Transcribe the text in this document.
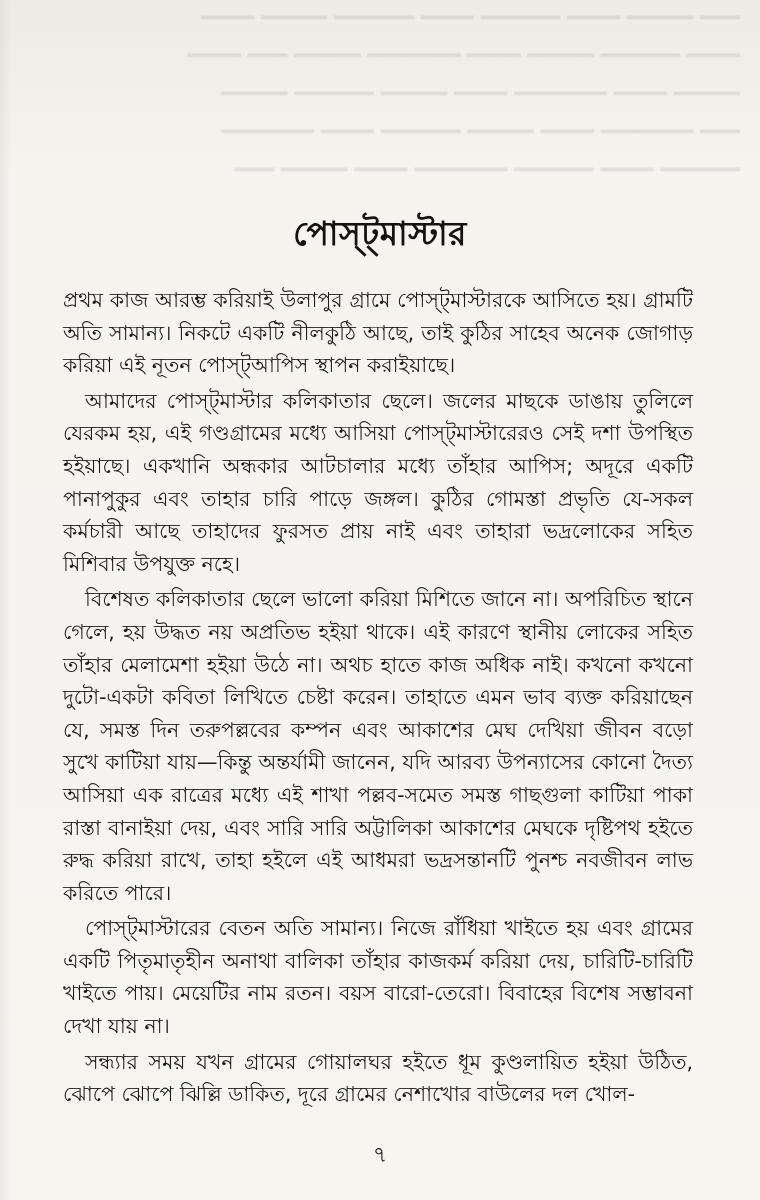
━━━ ━━━━━ ━━━━ ━━━━━━ ━━━━ ━━━━━━ ━━━━━ ━━━━
━━━━ ━━━━━━ ━━━━━ ━━━━ ━━━━━━━ ━━━━━ ━━━ ━━━━
━━━━━ ━━━━ ━━━━━━━ ━━━━ ━━━━━ ━━━━━━ ━━━━━
━━━ ━━━━━━━ ━━━━ ━━━━━ ━━━━━━ ━━━━ ━━━━━━━
━━━━━━ ━━━━ ━━━━━━ ━━━━━━━ ━━━━ ━━━━━ ━━━
পোস্ট্‌মাস্টার

প্রথম কাজ আরম্ভ করিয়াই উলাপুর গ্রামে পোস্ট্‌মাস্টারকে আসিতে হয়। গ্রামটি অতি সামান্য। নিকটে একটি নীলকুঠি আছে, তাই কুঠির সাহেব অনেক জোগাড় করিয়া এই নূতন পোস্ট্‌আপিস স্থাপন করাইয়াছে।

আমাদের পোস্ট্‌মাস্টার কলিকাতার ছেলে। জলের মাছকে ডাঙায় তুলিলে যেরকম হয়, এই গণ্ডগ্রামের মধ্যে আসিয়া পোস্ট্‌মাস্টারেরও সেই দশা উপস্থিত হইয়াছে। একখানি অন্ধকার আটচালার মধ্যে তাঁহার আপিস; অদূরে একটি পানাপুকুর এবং তাহার চারি পাড়ে জঙ্গল। কুঠির গোমস্তা প্রভৃতি যে-সকল কর্মচারী আছে তাহাদের ফুরসত প্রায় নাই এবং তাহারা ভদ্রলোকের সহিত মিশিবার উপযুক্ত নহে।

বিশেষত কলিকাতার ছেলে ভালো করিয়া মিশিতে জানে না। অপরিচিত স্থানে গেলে, হয় উদ্ধত নয় অপ্রতিভ হইয়া থাকে। এই কারণে স্থানীয় লোকের সহিত তাঁহার মেলামেশা হইয়া উঠে না। অথচ হাতে কাজ অধিক নাই। কখনো কখনো দুটো-একটা কবিতা লিখিতে চেষ্টা করেন। তাহাতে এমন ভাব ব্যক্ত করিয়াছেন যে, সমস্ত দিন তরুপল্লবের কম্পন এবং আকাশের মেঘ দেখিয়া জীবন বড়ো সুখে কাটিয়া যায়—কিন্তু অন্তর্যামী জানেন, যদি আরব্য উপন্যাসের কোনো দৈত্য আসিয়া এক রাত্রের মধ্যে এই শাখা পল্লব-সমেত সমস্ত গাছগুলা কাটিয়া পাকা রাস্তা বানাইয়া দেয়, এবং সারি সারি অট্টালিকা আকাশের মেঘকে দৃষ্টিপথ হইতে রুদ্ধ করিয়া রাখে, তাহা হইলে এই আধমরা ভদ্রসন্তানটি পুনশ্চ নবজীবন লাভ করিতে পারে।

পোস্ট্‌মাস্টারের বেতন অতি সামান্য। নিজে রাঁধিয়া খাইতে হয় এবং গ্রামের একটি পিতৃমাতৃহীন অনাথা বালিকা তাঁহার কাজকর্ম করিয়া দেয়, চারিটি-চারিটি খাইতে পায়। মেয়েটির নাম রতন। বয়স বারো-তেরো। বিবাহের বিশেষ সম্ভাবনা দেখা যায় না।

সন্ধ্যার সময় যখন গ্রামের গোয়ালঘর হইতে ধূম কুণ্ডলায়িত হইয়া উঠিত, ঝোপে ঝোপে ঝিল্লি ডাকিত, দূরে গ্রামের নেশাখোর বাউলের দল খোল-

৭
